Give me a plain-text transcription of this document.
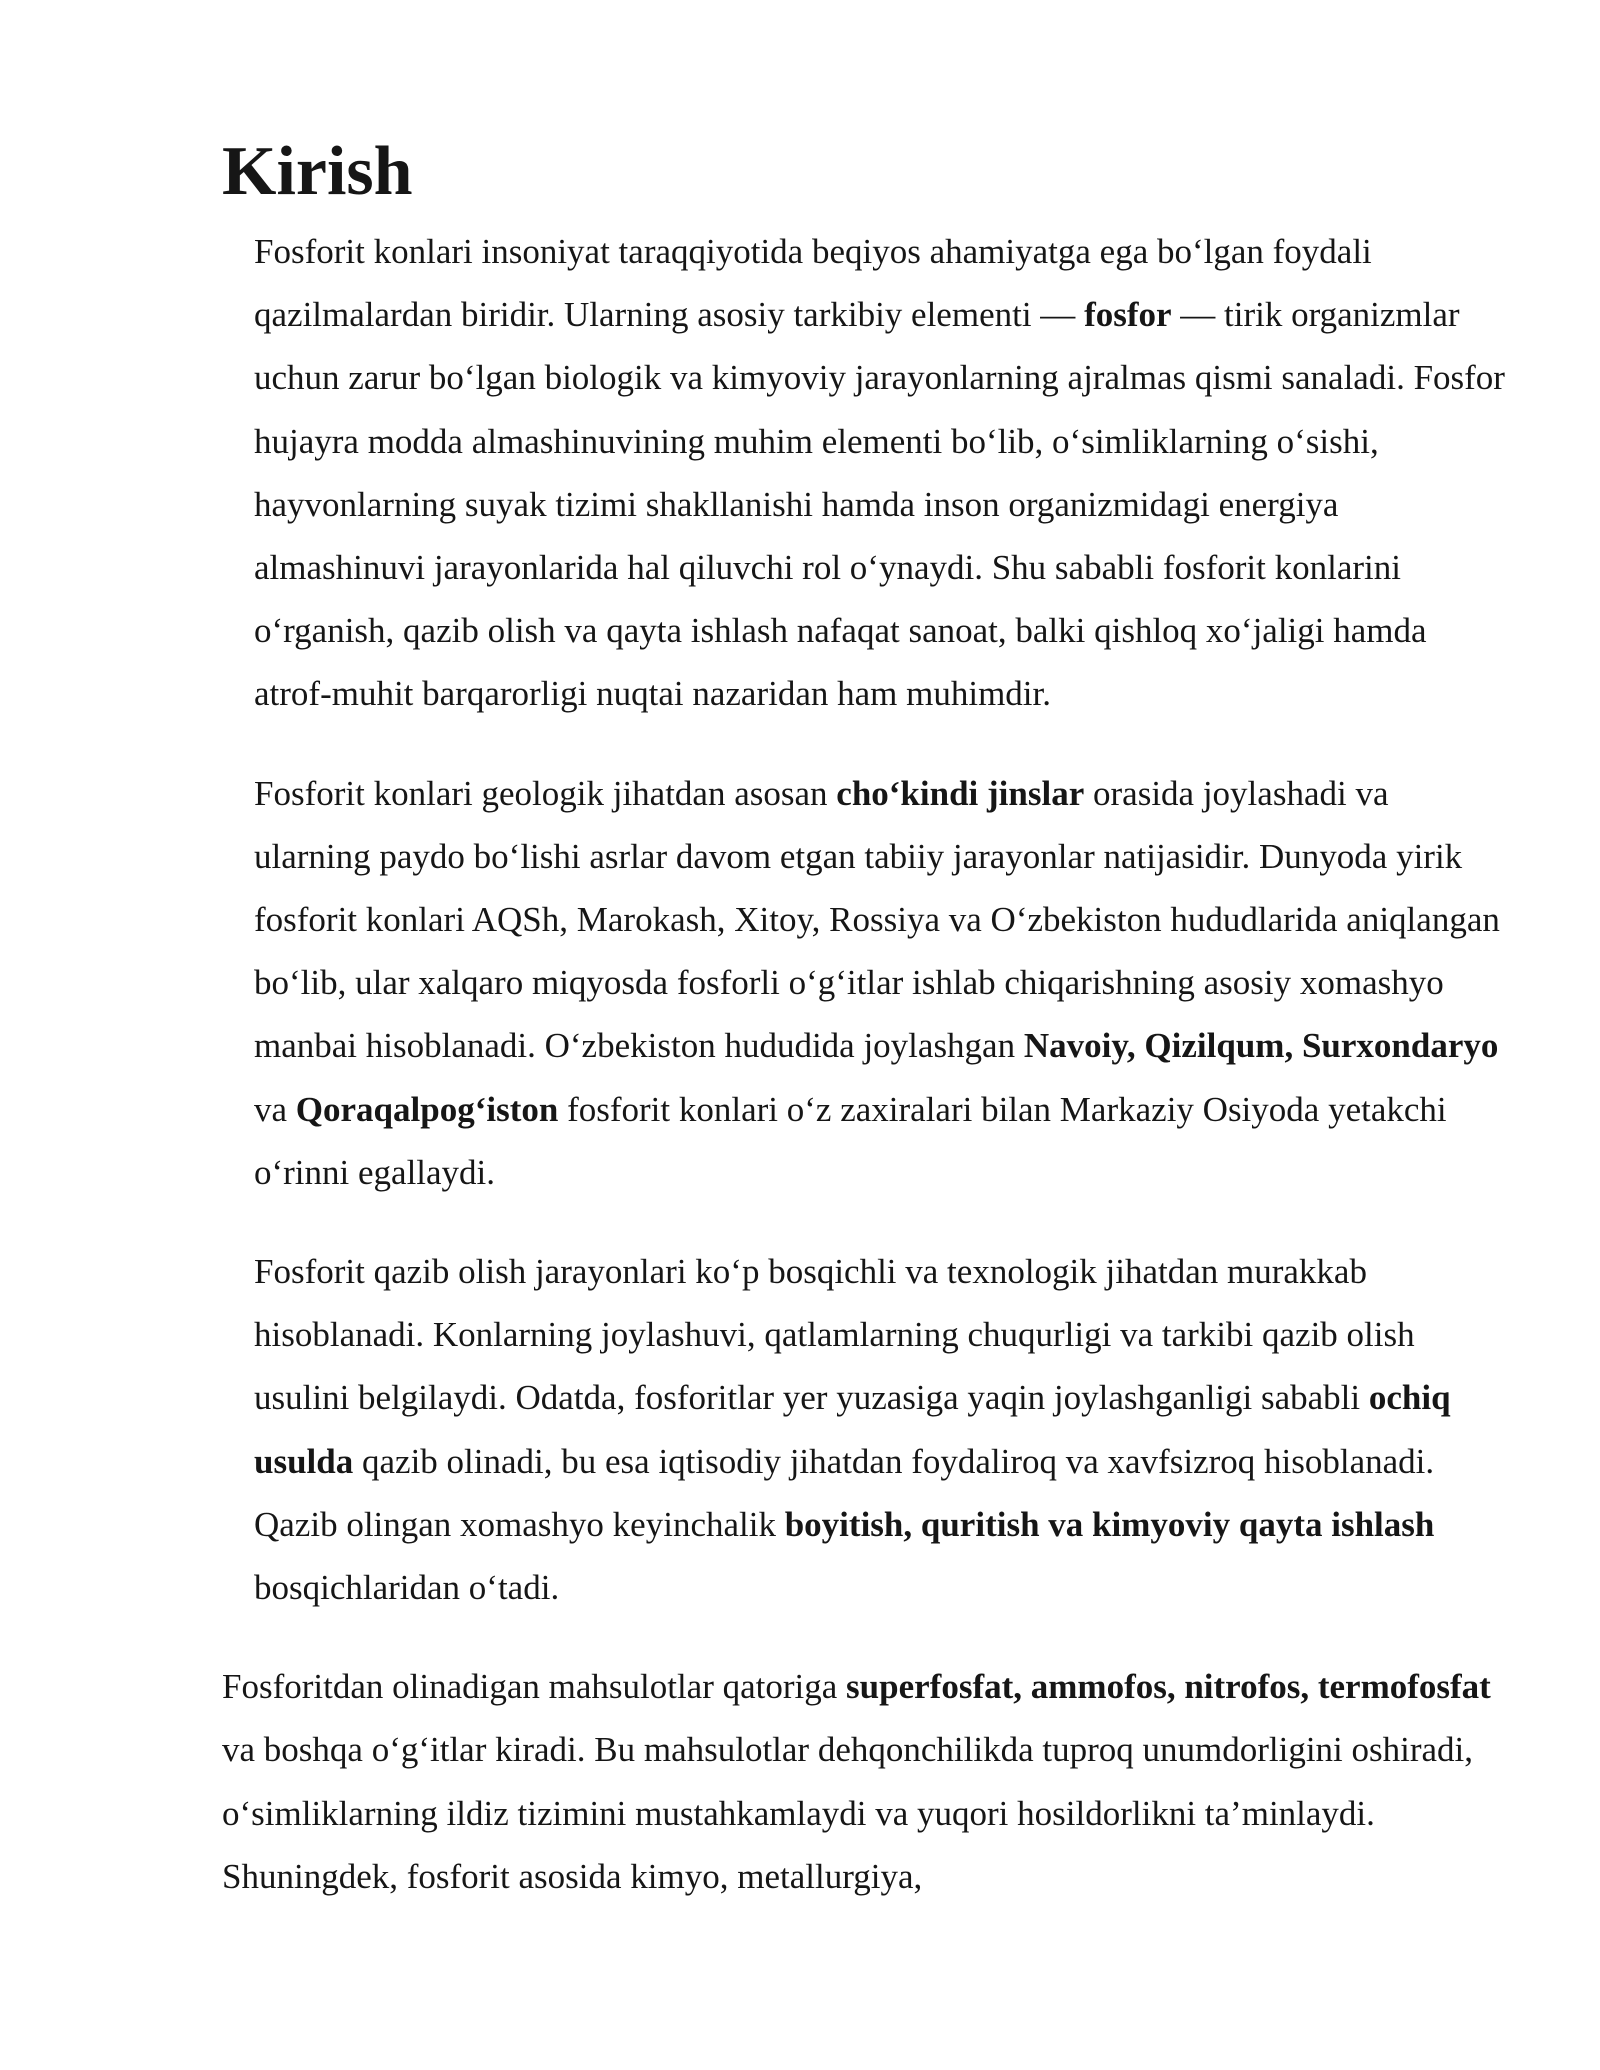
Kirish

Fosforit konlari insoniyat taraqqiyotida beqiyos ahamiyatga ega bo‘lgan foydali qazilmalardan biridir. Ularning asosiy tarkibiy elementi — fosfor — tirik organizmlar uchun zarur bo‘lgan biologik va kimyoviy jarayonlarning ajralmas qismi sanaladi. Fosfor hujayra modda almashinuvining muhim elementi bo‘lib, o‘simliklarning o‘sishi, hayvonlarning suyak tizimi shakllanishi hamda inson organizmidagi energiya almashinuvi jarayonlarida hal qiluvchi rol o‘ynaydi. Shu sababli fosforit konlarini o‘rganish, qazib olish va qayta ishlash nafaqat sanoat, balki qishloq xo‘jaligi hamda atrof-muhit barqarorligi nuqtai nazaridan ham muhimdir.

Fosforit konlari geologik jihatdan asosan cho‘kindi jinslar orasida joylashadi va ularning paydo bo‘lishi asrlar davom etgan tabiiy jarayonlar natijasidir. Dunyoda yirik fosforit konlari AQSh, Marokash, Xitoy, Rossiya va O‘zbekiston hududlarida aniqlangan bo‘lib, ular xalqaro miqyosda fosforli o‘g‘itlar ishlab chiqarishning asosiy xomashyo manbai hisoblanadi. O‘zbekiston hududida joylashgan Navoiy, Qizilqum, Surxondaryo va Qoraqalpog‘iston fosforit konlari o‘z zaxiralari bilan Markaziy Osiyoda yetakchi o‘rinni egallaydi.

Fosforit qazib olish jarayonlari ko‘p bosqichli va texnologik jihatdan murakkab hisoblanadi. Konlarning joylashuvi, qatlamlarning chuqurligi va tarkibi qazib olish usulini belgilaydi. Odatda, fosforitlar yer yuzasiga yaqin joylashganligi sababli ochiq usulda qazib olinadi, bu esa iqtisodiy jihatdan foydaliroq va xavfsizroq hisoblanadi. Qazib olingan xomashyo keyinchalik boyitish, quritish va kimyoviy qayta ishlash bosqichlaridan o‘tadi.

Fosforitdan olinadigan mahsulotlar qatoriga superfosfat, ammofos, nitrofos, termofosfat va boshqa o‘g‘itlar kiradi. Bu mahsulotlar dehqonchilikda tuproq unumdorligini oshiradi, o‘simliklarning ildiz tizimini mustahkamlaydi va yuqori hosildorlikni ta’minlaydi. Shuningdek, fosforit asosida kimyo, metallurgiya,
